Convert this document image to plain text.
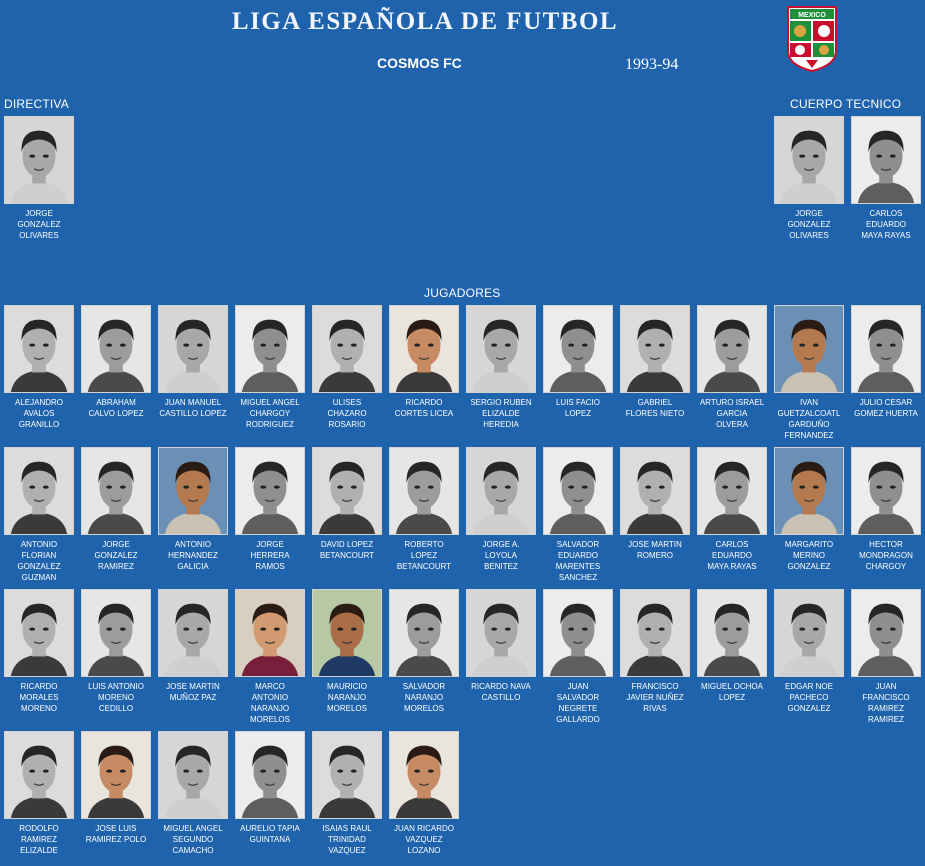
LIGA ESPAÑOLA DE FUTBOL
COSMOS FC	1993-94
MEXICO
DIRECTIVA	CUERPO TECNICO
JUGADORES
JORGE
GONZALEZ
OLIVARES
JORGE
GONZALEZ
OLIVARES
CARLOS
EDUARDO
MAYA RAYAS
ALEJANDRO
AVALOS
GRANILLO
ABRAHAM
CALVO LOPEZ
JUAN MANUEL
CASTILLO LOPEZ
MIGUEL ANGEL
CHARGOY
RODRIGUEZ
ULISES
CHAZARO
ROSARIO
RICARDO
CORTES LICEA
SERGIO RUBEN
ELIZALDE
HEREDIA
LUIS FACIO
LOPEZ
GABRIEL
FLORES NIETO
ARTURO ISRAEL
GARCIA
OLVERA
IVAN
GUETZALCOATL
GARDUÑO
FERNANDEZ
JULIO CESAR
GOMEZ HUERTA
ANTONIO
FLORIAN
GONZALEZ
GUZMAN
JORGE
GONZALEZ
RAMIREZ
ANTONIO
HERNANDEZ
GALICIA
JORGE
HERRERA
RAMOS
DAVID LOPEZ
BETANCOURT
ROBERTO
LOPEZ
BETANCOURT
JORGE A.
LOYOLA
BENITEZ
SALVADOR
EDUARDO
MARENTES
SANCHEZ
JOSE MARTIN
ROMERO
CARLOS
EDUARDO
MAYA RAYAS
MARGARITO
MERINO
GONZALEZ
HECTOR
MONDRAGON
CHARGOY
RICARDO
MORALES
MORENO
LUIS ANTONIO
MORENO
CEDILLO
JOSE MARTIN
MUÑOZ PAZ
MARCO
ANTONIO
NARANJO
MORELOS
MAURICIO
NARANJO
MORELOS
SALVADOR
NARANJO
MORELOS
RICARDO NAVA
CASTILLO
JUAN
SALVADOR
NEGRETE
GALLARDO
FRANCISCO
JAVIER NUÑEZ
RIVAS
MIGUEL OCHOA
LOPEZ
EDGAR NOE
PACHECO
GONZALEZ
JUAN
FRANCISCO
RAMIREZ
RAMIREZ
RODOLFO
RAMIREZ
ELIZALDE
JOSE LUIS
RAMIREZ POLO
MIGUEL ANGEL
SEGUNDO
CAMACHO
AURELIO TAPIA
GUINTANA
ISAIAS RAUL
TRINIDAD
VAZQUEZ
JUAN RICARDO
VAZQUEZ
LOZANO
